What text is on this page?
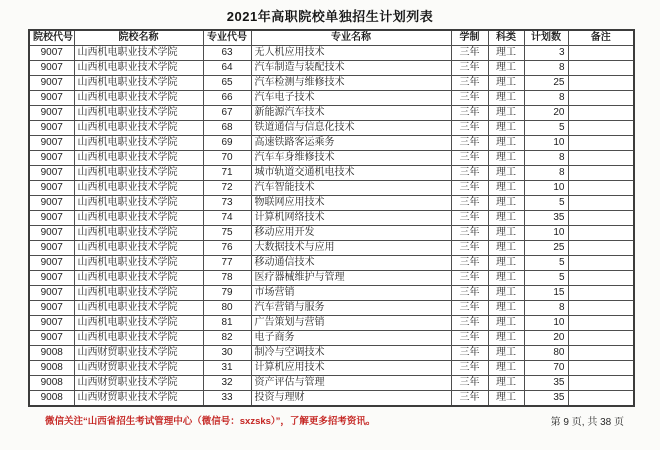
2021年高职院校单独招生计划列表
院校代号	院校名称	专业代号	专业名称	学制	科类	计划数	备注
9007	山西机电职业技术学院	63	无人机应用技术	三年	理工	3	
9007	山西机电职业技术学院	64	汽车制造与装配技术	三年	理工	8	
9007	山西机电职业技术学院	65	汽车检测与维修技术	三年	理工	25	
9007	山西机电职业技术学院	66	汽车电子技术	三年	理工	8	
9007	山西机电职业技术学院	67	新能源汽车技术	三年	理工	20	
9007	山西机电职业技术学院	68	铁道通信与信息化技术	三年	理工	5	
9007	山西机电职业技术学院	69	高速铁路客运乘务	三年	理工	10	
9007	山西机电职业技术学院	70	汽车车身维修技术	三年	理工	8	
9007	山西机电职业技术学院	71	城市轨道交通机电技术	三年	理工	8	
9007	山西机电职业技术学院	72	汽车智能技术	三年	理工	10	
9007	山西机电职业技术学院	73	物联网应用技术	三年	理工	5	
9007	山西机电职业技术学院	74	计算机网络技术	三年	理工	35	
9007	山西机电职业技术学院	75	移动应用开发	三年	理工	10	
9007	山西机电职业技术学院	76	大数据技术与应用	三年	理工	25	
9007	山西机电职业技术学院	77	移动通信技术	三年	理工	5	
9007	山西机电职业技术学院	78	医疗器械维护与管理	三年	理工	5	
9007	山西机电职业技术学院	79	市场营销	三年	理工	15	
9007	山西机电职业技术学院	80	汽车营销与服务	三年	理工	8	
9007	山西机电职业技术学院	81	广告策划与营销	三年	理工	10	
9007	山西机电职业技术学院	82	电子商务	三年	理工	20	
9008	山西财贸职业技术学院	30	制冷与空调技术	三年	理工	80	
9008	山西财贸职业技术学院	31	计算机应用技术	三年	理工	70	
9008	山西财贸职业技术学院	32	资产评估与管理	三年	理工	35	
9008	山西财贸职业技术学院	33	投资与理财	三年	理工	35	
微信关注“山西省招生考试管理中心（微信号：sxzsks）”，了解更多招考资讯。	第 9 页, 共 38 页
